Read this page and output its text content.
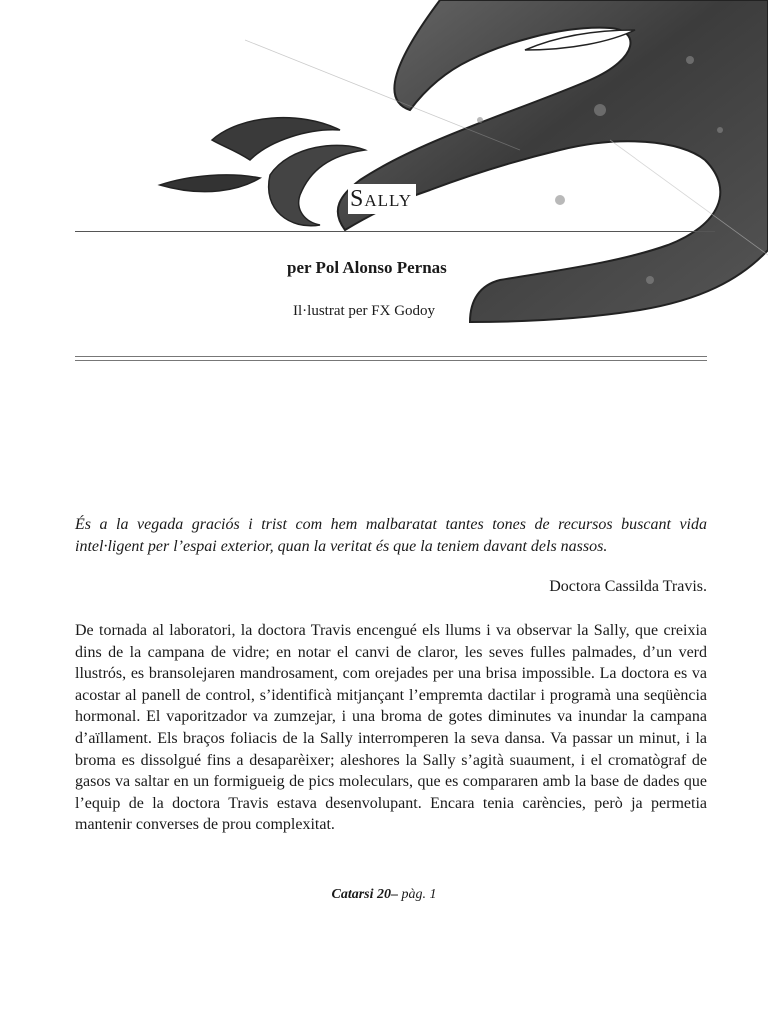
Sally
per Pol Alonso Pernas
Il·lustrat per FX Godoy

És a la vegada graciós i trist com hem malbaratat tantes tones de recursos buscant vida intel·ligent per l’espai exterior, quan la veritat és que la teniem davant dels nassos.

Doctora Cassilda Travis.

De tornada al laboratori, la doctora Travis encengué els llums i va observar la Sally, que creixia dins de la campana de vidre; en notar el canvi de claror, les seves fulles palmades, d’un verd llustrós, es bransolejaren mandrosament, com orejades per una brisa impossible. La doctora es va acostar al panell de control, s’identificà mitjançant l’empremta dactilar i programà una seqüència hormonal. El vaporitzador va zumzejar, i una broma de gotes diminutes va inundar la campana d’aïllament. Els braços foliacis de la Sally interromperen la seva dansa. Va passar un minut, i la broma es dissolgué fins a desaparèixer; aleshores la Sally s’agità suaument, i el cromatògraf de gasos va saltar en un formigueig de pics moleculars, que es compararen amb la base de dades que l’equip de la doctora Travis estava desenvolupant. Encara tenia carències, però ja permetia mantenir converses de prou complexitat.

Catarsi 20– pàg. 1
